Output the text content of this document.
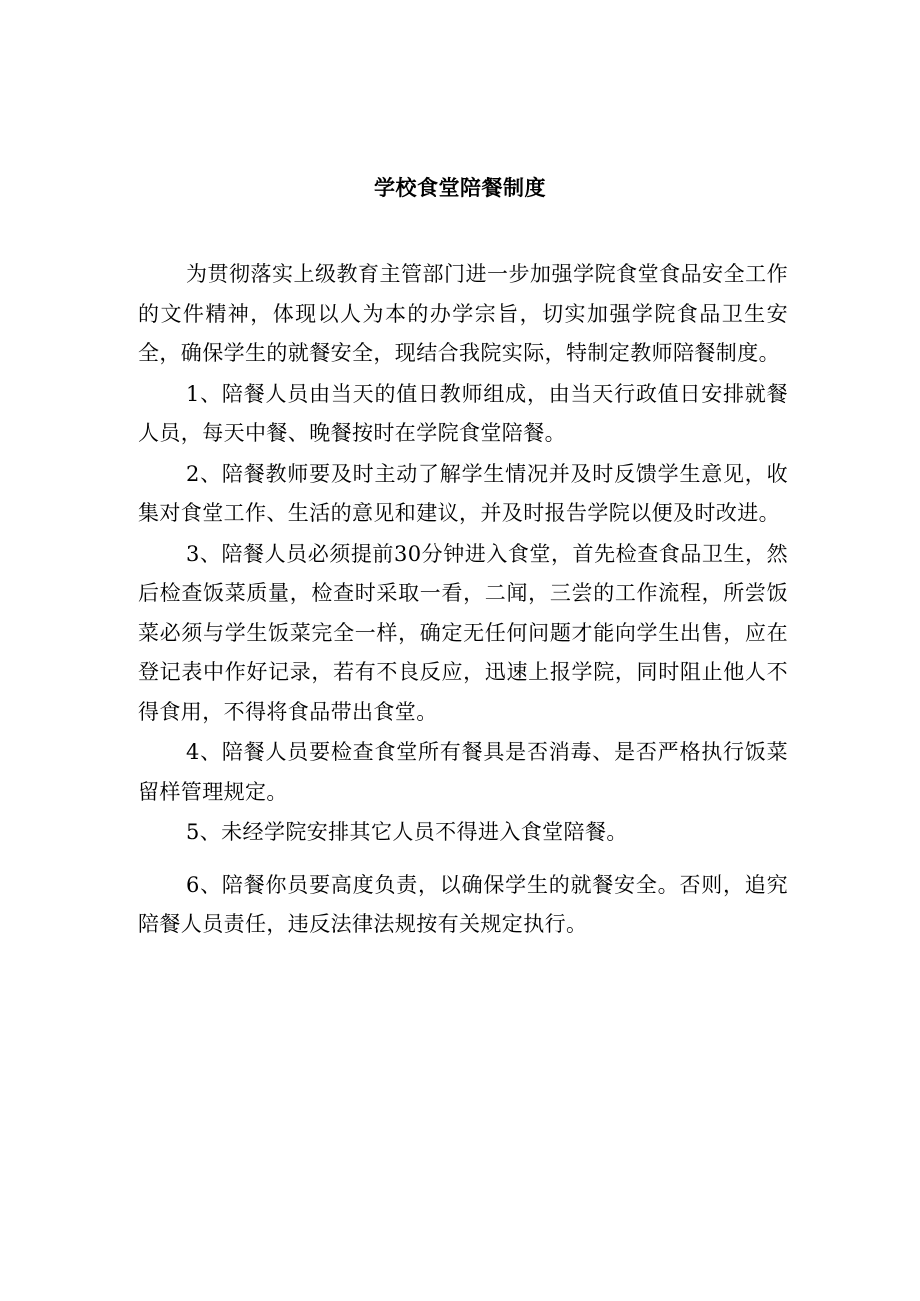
学校食堂陪餐制度

为贯彻落实上级教育主管部门进一步加强学院食堂食品安全工作的文件精神，体现以人为本的办学宗旨，切实加强学院食品卫生安全，确保学生的就餐安全，现结合我院实际，特制定教师陪餐制度。

1、陪餐人员由当天的值日教师组成，由当天行政值日安排就餐人员，每天中餐、晚餐按时在学院食堂陪餐。

2、陪餐教师要及时主动了解学生情况并及时反馈学生意见，收集对食堂工作、生活的意见和建议，并及时报告学院以便及时改进。

3、陪餐人员必须提前30分钟进入食堂，首先检查食品卫生，然后检查饭菜质量，检查时采取一看，二闻，三尝的工作流程，所尝饭菜必须与学生饭菜完全一样，确定无任何问题才能向学生出售，应在登记表中作好记录，若有不良反应，迅速上报学院，同时阻止他人不得食用，不得将食品带出食堂。

4、陪餐人员要检查食堂所有餐具是否消毒、是否严格执行饭菜留样管理规定。

5、未经学院安排其它人员不得进入食堂陪餐。

6、陪餐你员要高度负责，以确保学生的就餐安全。否则，追究陪餐人员责任，违反法律法规按有关规定执行。
